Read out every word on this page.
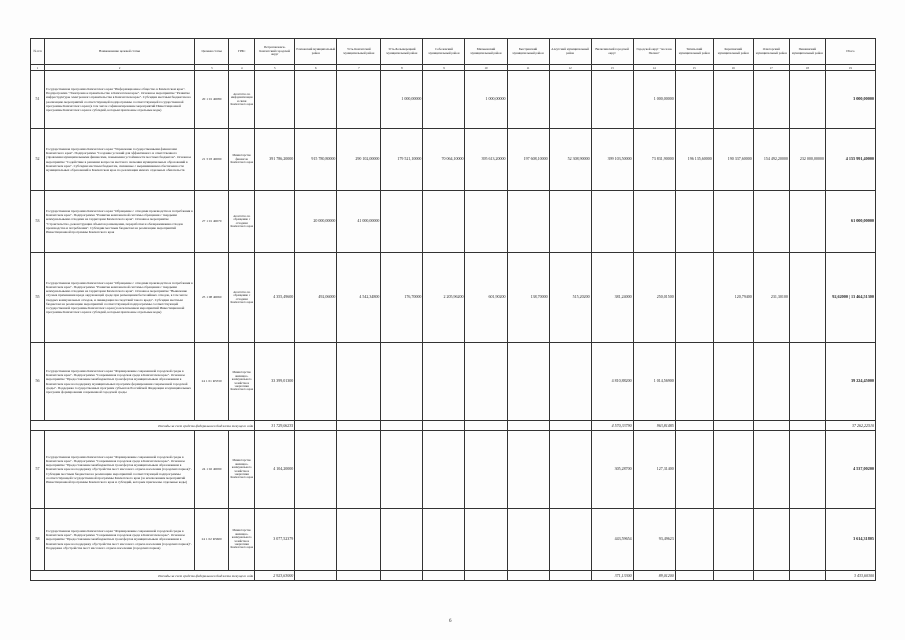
№ п/п	Наименование целевой статьи	Целевая статья	ГРБС	Петропавловск-Камчатский городской округ	Елизовский муниципальный район	Усть-Камчатский муниципальный район	Усть-Большерецкий муниципальный район	Соболевский муниципальный район	Мильковский муниципальный район	Быстринский муниципальный район	Алеутский муниципальный район	Вилючинский городской округ	Городской округ "поселок Палана"	Тигильский муниципальный район	Карагинский муниципальный район	Олюторский муниципальный район	Пенжинский муниципальный район	Итого
1	2	3	4	5	6	7	8	9	10	11	12	13	14	15	16	17	18	19
51	Государственная программа Камчатского края "Информационное общество в Камчатском крае". Подпрограмма "Электронное правительство в Камчатском крае". Основное мероприятие "Развитие инфраструктуры электронного правительства в Камчатском крае". Субсидии местным бюджетам на реализацию мероприятий соответствующей подпрограммы соответствующей государственной программы Камчатского края (в том числе софинансирование мероприятий Инвестиционной программы Камчатского края и субсидий, которым присвоены отдельные коды)	20 1 01 40080	Агентство по информатизации и связи Камчатского края				1 000,00000		1 000,00000				1 000,00000					3 000,00000
52	Государственная программа Камчатского края "Управление государственными финансами Камчатского края". Подпрограмма "Создание условий для эффективного и ответственного управления муниципальными финансами, повышения устойчивости местных бюджетов". Основное мероприятие "Содействие в решении вопросов местного значения муниципальных образований в Камчатском крае". Субсидии местным бюджетам, связанные с выравниванием обеспеченности муниципальных образований в Камчатском крае по реализации ими их отдельных обязательств	21 3 03 40090	Министерство финансов Камчатского края	391 786,20000	915 780,80000	290 102,00000	179 521,10000	70 064,10000	395 613,20000	197 608,10000	52 308,90000	399 103,50000	73 831,90000	196 135,60000	190 337,60000	154 492,20000	232 000,00000	4 155 991,40000
53	Государственная программа Камчатского края "Обращение с отходами производства и потребления в Камчатском крае". Подпрограмма "Развитие комплексной системы обращения с твердыми коммунальными отходами на территории Камчатского края". Основное мероприятие "Строительство, реконструкция объектов размещения, переработки и обезвреживания отходов производства и потребления". Субсидии местным бюджетам на реализацию мероприятий Инвестиционной программы Камчатского края	27 1 01 40070	Агентство по обращению с отходами Камчатского края		20 000,00000	41 000,00000												61 000,00000
55	Государственная программа Камчатского края "Обращение с отходами производства и потребления в Камчатском крае". Подпрограмма "Развитие комплексной системы обращения с твердыми коммунальными отходами на территории Камчатского края". Основное мероприятие "Выявление случаев причинения вреда окружающей среде при размещении бесхозяйных отходов, в том числе твердых коммунальных отходов, и ликвидация последствий такого вреда". Субсидии местным бюджетам на реализацию мероприятий соответствующей подпрограммы соответствующей государственной программы Камчатского края (за исключением мероприятий Инвестиционной программы Камчатского края и субсидий, которым присвоены отдельные коды)	25 1 08 40060	Агентство по обращению с отходами Камчатского края	4 355,49600	492,06000	4 542,34800	176,70000	2 205,96200	601,90200	138,70000	515,20200	381,24000	250,01500		120,79400	231,30100		92,62000 | 13 464,51300
56	Государственная программа Камчатского края "Формирование современной городской среды в Камчатском крае". Подпрограмма "Современная городская среда в Камчатском крае". Основное мероприятие "Предоставление межбюджетных трансфертов муниципальным образованиям в Камчатском крае на поддержку муниципальных программ формирования современной городской среды". Поддержка государственных программ субъектов Российской Федерации и муниципальных программ формирования современной городской среды	24 1 01 R5550	Министерство жилищно-коммунального хозяйства и энергетики Камчатского края	33 399,01300								4 810,88200	1 014,56900					39 224,45000
Расходы за счет средств федерального бюджета текущего года				31 729,06235								4 570,33790	963,81485					37 262,22510
57	Государственная программа Камчатского края "Формирование современной городской среды в Камчатском крае". Подпрограмма "Современная городская среда в Камчатском крае". Основное мероприятие "Предоставление межбюджетных трансфертов муниципальным образованиям в Камчатском крае на поддержку обустройства мест массового отдыха населения (городских парков)". Субсидии местным бюджетам на реализацию мероприятий соответствующей подпрограммы соответствующей государственной программы Камчатского края (за исключением мероприятий Инвестиционной программы Камчатского края и субсидий, которым присвоены отдельные коды)	24 1 02 40090	Министерство жилищно-коммунального хозяйства и энергетики Камчатского края	4 104,20000								305,28700	127,31400					4 537,00200
58	Государственная программа Камчатского края "Формирование современной городской среды в Камчатском крае". Подпрограмма "Современная городская среда в Камчатском крае". Основное мероприятие "Предоставление межбюджетных трансфертов муниципальным образованиям в Камчатском крае на поддержку обустройства мест массового отдыха населения (городских парков)". Поддержка обустройства мест массового отдыха населения (городских парков)	24 1 02 R5600	Министерство жилищно-коммунального хозяйства и энергетики Камчатского края	3 077,52379								443,59654	93,49623					3 614,31805
Расходы за счет средств федерального бюджета текущего года				2 923,63000								371,13300	89,01200					3 433,60300
6
